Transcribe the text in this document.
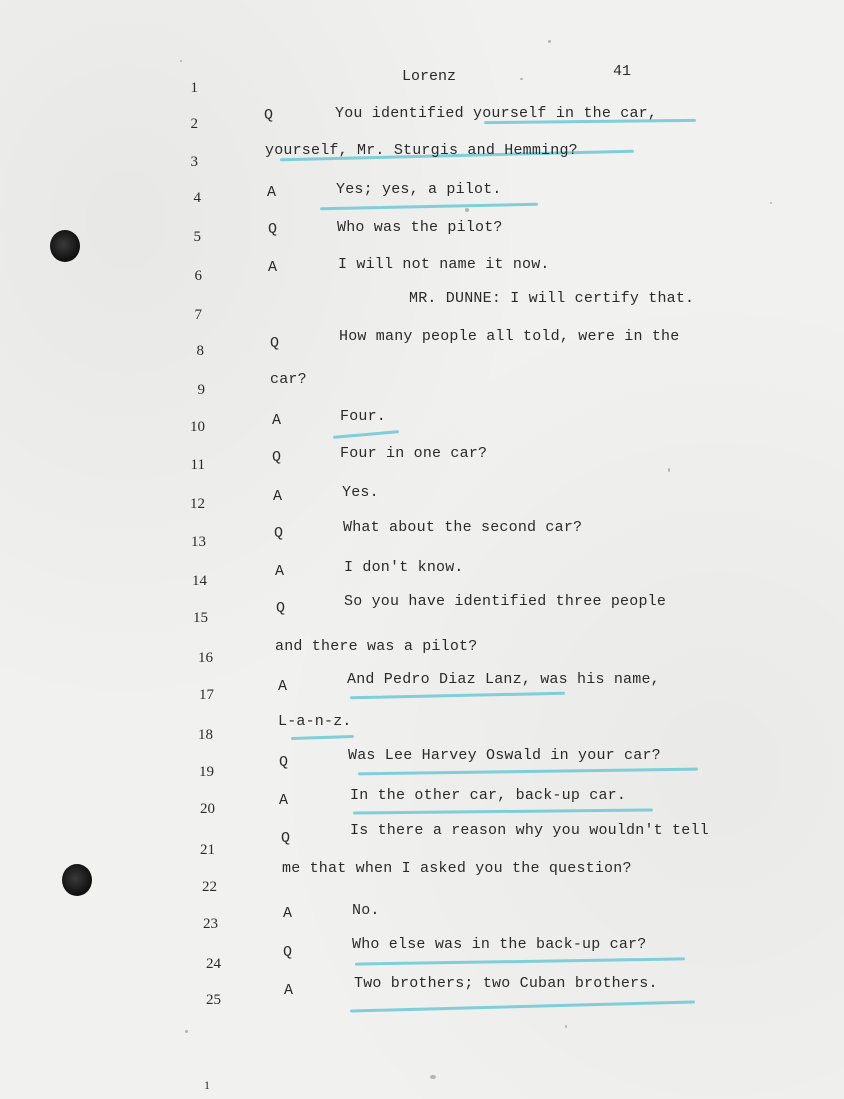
Lorenz	41
1
2
3
4
5
6
7
8
9
10
11
12
13
14
15
16
17
18
19
20
21
22
23
24
25
Q
A
Q
A
Q
A
Q
A
Q
A
Q
A
Q
A
Q
A
Q
A
You identified yourself in the car,
yourself, Mr. Sturgis and Hemming?
Yes; yes, a pilot.
Who was the pilot?
I will not name it now.
MR. DUNNE: I will certify that.
How many people all told, were in the
car?
Four.
Four in one car?
Yes.
What about the second car?
I don't know.
So you have identified three people
and there was a pilot?
And Pedro Diaz Lanz, was his name,
L-a-n-z.
Was Lee Harvey Oswald in your car?
In the other car, back-up car.
Is there a reason why you wouldn't tell
me that when I asked you the question?
No.
Who else was in the back-up car?
Two brothers; two Cuban brothers.
1
